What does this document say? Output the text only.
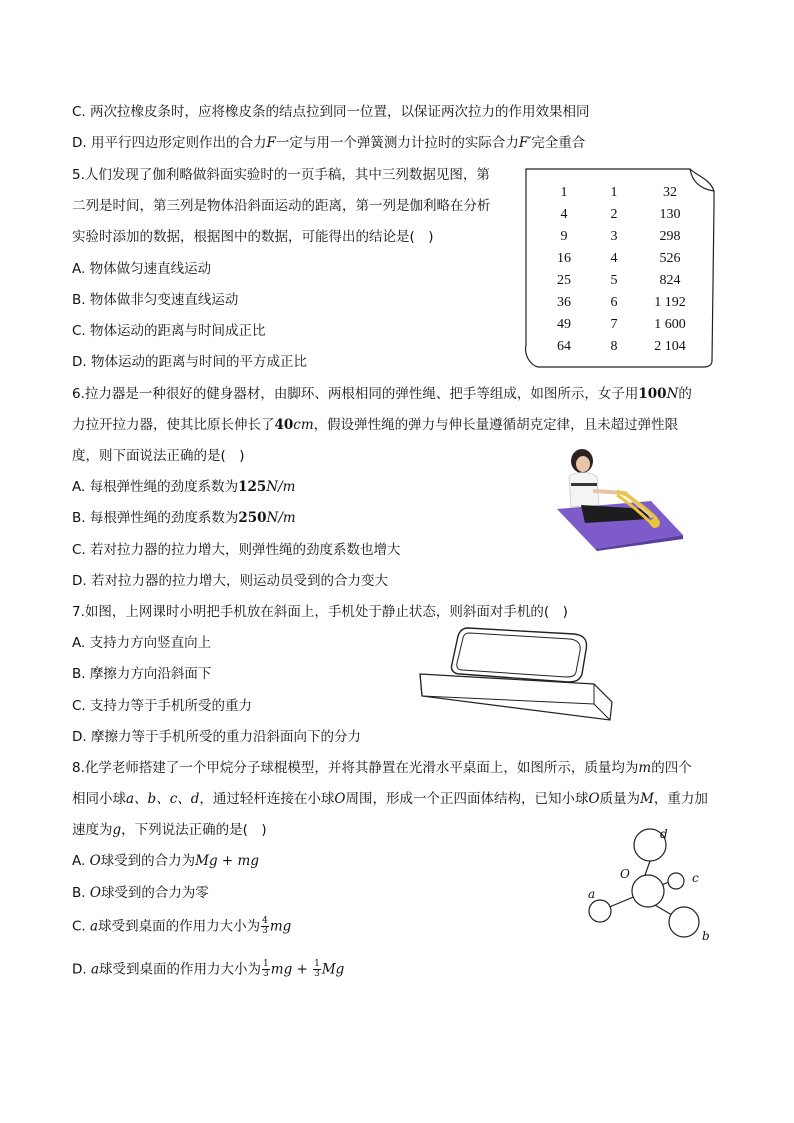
C. 两次拉橡皮条时，应将橡皮条的结点拉到同一位置，以保证两次拉力的作用效果相同
D. 用平行四边形定则作出的合力F一定与用一个弹簧测力计拉时的实际合力F′完全重合
5.人们发现了伽利略做斜面实验时的一页手稿，其中三列数据见图，第
二列是时间，第三列是物体沿斜面运动的距离，第一列是伽利略在分析
实验时添加的数据，根据图中的数据，可能得出的结论是(　)
A. 物体做匀速直线运动
B. 物体做非匀变速直线运动
C. 物体运动的距离与时间成正比
D. 物体运动的距离与时间的平方成正比
1	1	32
4	2	130
9	3	298
16	4	526
25	5	824
36	6	1 192
49	7	1 600
64	8	2 104
6.拉力器是一种很好的健身器材，由脚环、两根相同的弹性绳、把手等组成，如图所示，女子用100N的
力拉开拉力器，使其比原长伸长了40cm，假设弹性绳的弹力与伸长量遵循胡克定律，且未超过弹性限
度，则下面说法正确的是(　)
A. 每根弹性绳的劲度系数为125N/m
B. 每根弹性绳的劲度系数为250N/m
C. 若对拉力器的拉力增大，则弹性绳的劲度系数也增大
D. 若对拉力器的拉力增大，则运动员受到的合力变大
7.如图，上网课时小明把手机放在斜面上，手机处于静止状态，则斜面对手机的(　)
A. 支持力方向竖直向上
B. 摩擦力方向沿斜面下
C. 支持力等于手机所受的重力
D. 摩擦力等于手机所受的重力沿斜面向下的分力
8.化学老师搭建了一个甲烷分子球棍模型，并将其静置在光滑水平桌面上，如图所示，质量均为m的四个
相同小球a、b、c、d，通过轻杆连接在小球O周围，形成一个正四面体结构，已知小球O质量为M，重力加
速度为g，下列说法正确的是(　)
A. O球受到的合力为Mg + mg
B. O球受到的合力为零
C. a球受到桌面的作用力大小为 $\frac{4}{3}$ mg
D. a球受到桌面的作用力大小为 $\frac{1}{3}$ mg + $\frac{1}{3}$ Mg
d
O	c
a
b
